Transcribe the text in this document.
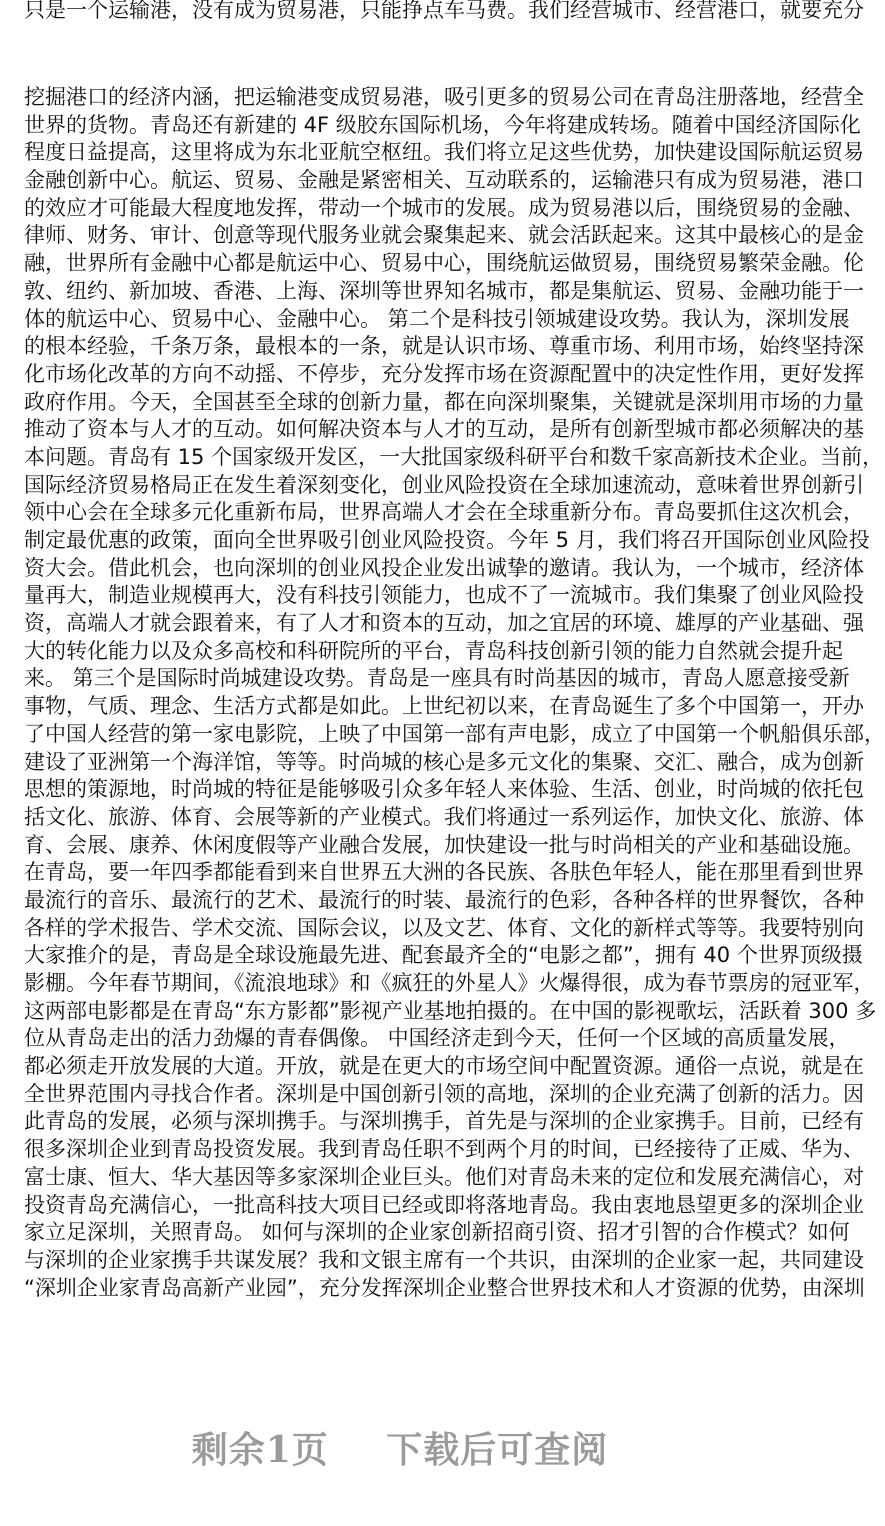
只是一个运输港，没有成为贸易港，只能挣点车马费。我们经营城市、经营港口，就要充分
挖掘港口的经济内涵，把运输港变成贸易港，吸引更多的贸易公司在青岛注册落地，经营全
世界的货物。青岛还有新建的 4F 级胶东国际机场，今年将建成转场。随着中国经济国际化
程度日益提高，这里将成为东北亚航空枢纽。我们将立足这些优势，加快建设国际航运贸易
金融创新中心。航运、贸易、金融是紧密相关、互动联系的，运输港只有成为贸易港，港口
的效应才可能最大程度地发挥，带动一个城市的发展。成为贸易港以后，围绕贸易的金融、
律师、财务、审计、创意等现代服务业就会聚集起来、就会活跃起来。这其中最核心的是金
融，世界所有金融中心都是航运中心、贸易中心，围绕航运做贸易，围绕贸易繁荣金融。伦
敦、纽约、新加坡、香港、上海、深圳等世界知名城市，都是集航运、贸易、金融功能于一
体的航运中心、贸易中心、金融中心。 第二个是科技引领城建设攻势。我认为，深圳发展
的根本经验，千条万条，最根本的一条，就是认识市场、尊重市场、利用市场，始终坚持深
化市场化改革的方向不动摇、不停步，充分发挥市场在资源配置中的决定性作用，更好发挥
政府作用。今天，全国甚至全球的创新力量，都在向深圳聚集，关键就是深圳用市场的力量
推动了资本与人才的互动。如何解决资本与人才的互动，是所有创新型城市都必须解决的基
本问题。青岛有 15 个国家级开发区，一大批国家级科研平台和数千家高新技术企业。当前，
国际经济贸易格局正在发生着深刻变化，创业风险投资在全球加速流动，意味着世界创新引
领中心会在全球多元化重新布局，世界高端人才会在全球重新分布。青岛要抓住这次机会，
制定最优惠的政策，面向全世界吸引创业风险投资。今年 5 月，我们将召开国际创业风险投
资大会。借此机会，也向深圳的创业风投企业发出诚挚的邀请。我认为，一个城市，经济体
量再大，制造业规模再大，没有科技引领能力，也成不了一流城市。我们集聚了创业风险投
资，高端人才就会跟着来，有了人才和资本的互动，加之宜居的环境、雄厚的产业基础、强
大的转化能力以及众多高校和科研院所的平台，青岛科技创新引领的能力自然就会提升起
来。 第三个是国际时尚城建设攻势。青岛是一座具有时尚基因的城市，青岛人愿意接受新
事物，气质、理念、生活方式都是如此。上世纪初以来，在青岛诞生了多个中国第一，开办
了中国人经营的第一家电影院，上映了中国第一部有声电影，成立了中国第一个帆船俱乐部，
建设了亚洲第一个海洋馆，等等。时尚城的核心是多元文化的集聚、交汇、融合，成为创新
思想的策源地，时尚城的特征是能够吸引众多年轻人来体验、生活、创业，时尚城的依托包
括文化、旅游、体育、会展等新的产业模式。我们将通过一系列运作，加快文化、旅游、体
育、会展、康养、休闲度假等产业融合发展，加快建设一批与时尚相关的产业和基础设施。
在青岛，要一年四季都能看到来自世界五大洲的各民族、各肤色年轻人，能在那里看到世界
最流行的音乐、最流行的艺术、最流行的时装、最流行的色彩，各种各样的世界餐饮，各种
各样的学术报告、学术交流、国际会议，以及文艺、体育、文化的新样式等等。我要特别向
大家推介的是，青岛是全球设施最先进、配套最齐全的“电影之都”，拥有 40 个世界顶级摄
影棚。今年春节期间，《流浪地球》和《疯狂的外星人》火爆得很，成为春节票房的冠亚军，
这两部电影都是在青岛“东方影都”影视产业基地拍摄的。在中国的影视歌坛，活跃着 300 多
位从青岛走出的活力劲爆的青春偶像。 中国经济走到今天，任何一个区域的高质量发展，
都必须走开放发展的大道。开放，就是在更大的市场空间中配置资源。通俗一点说，就是在
全世界范围内寻找合作者。深圳是中国创新引领的高地，深圳的企业充满了创新的活力。因
此青岛的发展，必须与深圳携手。与深圳携手，首先是与深圳的企业家携手。目前，已经有
很多深圳企业到青岛投资发展。我到青岛任职不到两个月的时间，已经接待了正威、华为、
富士康、恒大、华大基因等多家深圳企业巨头。他们对青岛未来的定位和发展充满信心，对
投资青岛充满信心，一批高科技大项目已经或即将落地青岛。我由衷地恳望更多的深圳企业
家立足深圳，关照青岛。 如何与深圳的企业家创新招商引资、招才引智的合作模式？如何
与深圳的企业家携手共谋发展？我和文银主席有一个共识，由深圳的企业家一起，共同建设
“深圳企业家青岛高新产业园”，充分发挥深圳企业整合世界技术和人才资源的优势，由深圳
剩余1页 下载后可查阅
